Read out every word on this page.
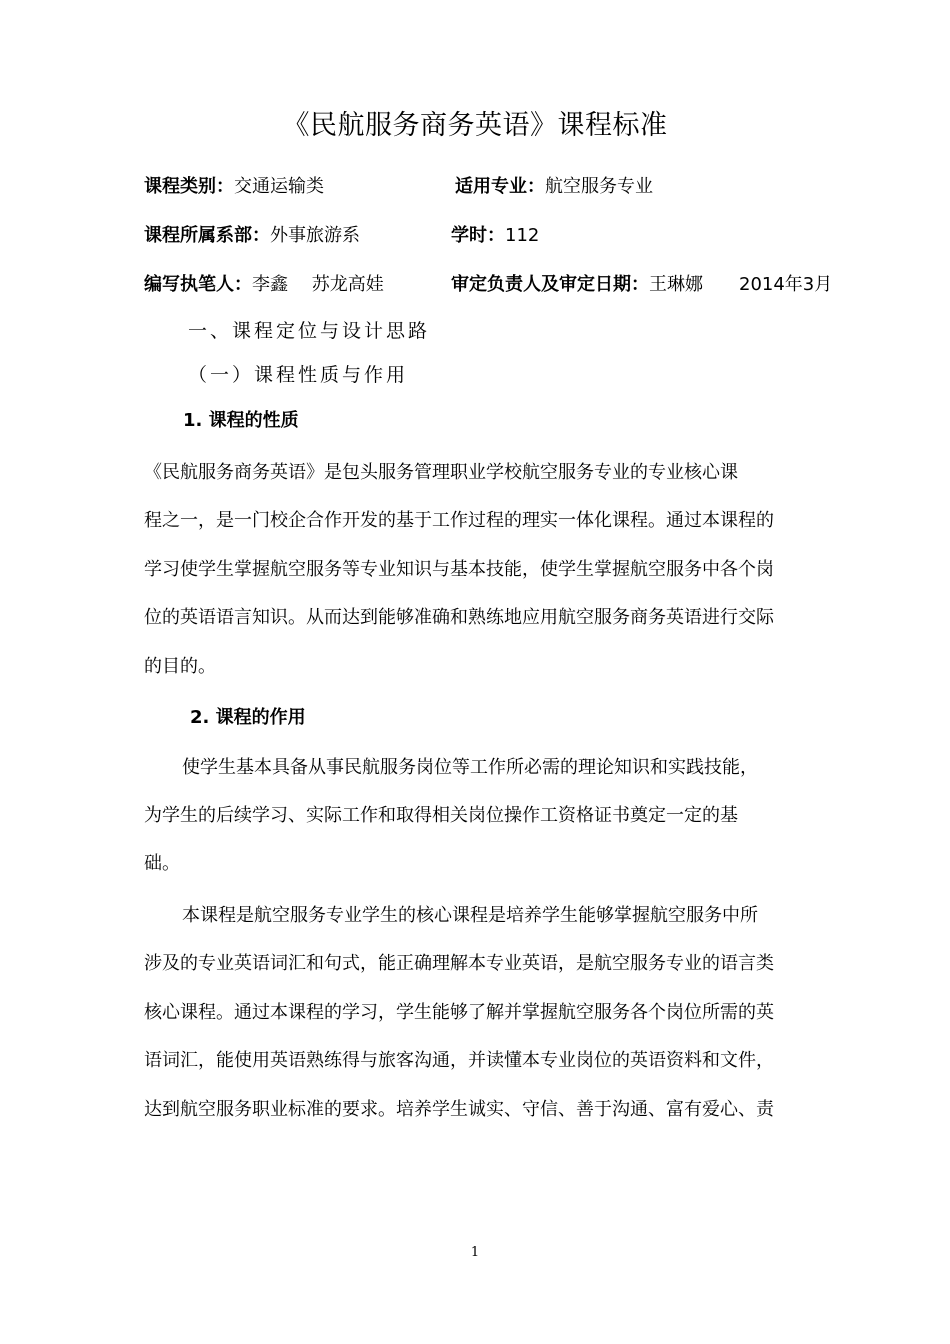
《民航服务商务英语》课程标准
课程类别：交通运输类	适用专业：航空服务专业
课程所属系部：外事旅游系	学时：112
编写执笔人：李鑫　 苏龙高娃	审定负责人及审定日期：王琳娜　　2014年3月
一、课程定位与设计思路
（一）课程性质与作用
1. 课程的性质
《民航服务商务英语》是包头服务管理职业学校航空服务专业的专业核心课
程之一，是一门校企合作开发的基于工作过程的理实一体化课程。通过本课程的
学习使学生掌握航空服务等专业知识与基本技能，使学生掌握航空服务中各个岗
位的英语语言知识。从而达到能够准确和熟练地应用航空服务商务英语进行交际
的目的。
2. 课程的作用
使学生基本具备从事民航服务岗位等工作所必需的理论知识和实践技能，
为学生的后续学习、实际工作和取得相关岗位操作工资格证书奠定一定的基
础。
本课程是航空服务专业学生的核心课程是培养学生能够掌握航空服务中所
涉及的专业英语词汇和句式，能正确理解本专业英语，是航空服务专业的语言类
核心课程。通过本课程的学习，学生能够了解并掌握航空服务各个岗位所需的英
语词汇，能使用英语熟练得与旅客沟通，并读懂本专业岗位的英语资料和文件，
达到航空服务职业标准的要求。培养学生诚实、守信、善于沟通、富有爱心、责
1
